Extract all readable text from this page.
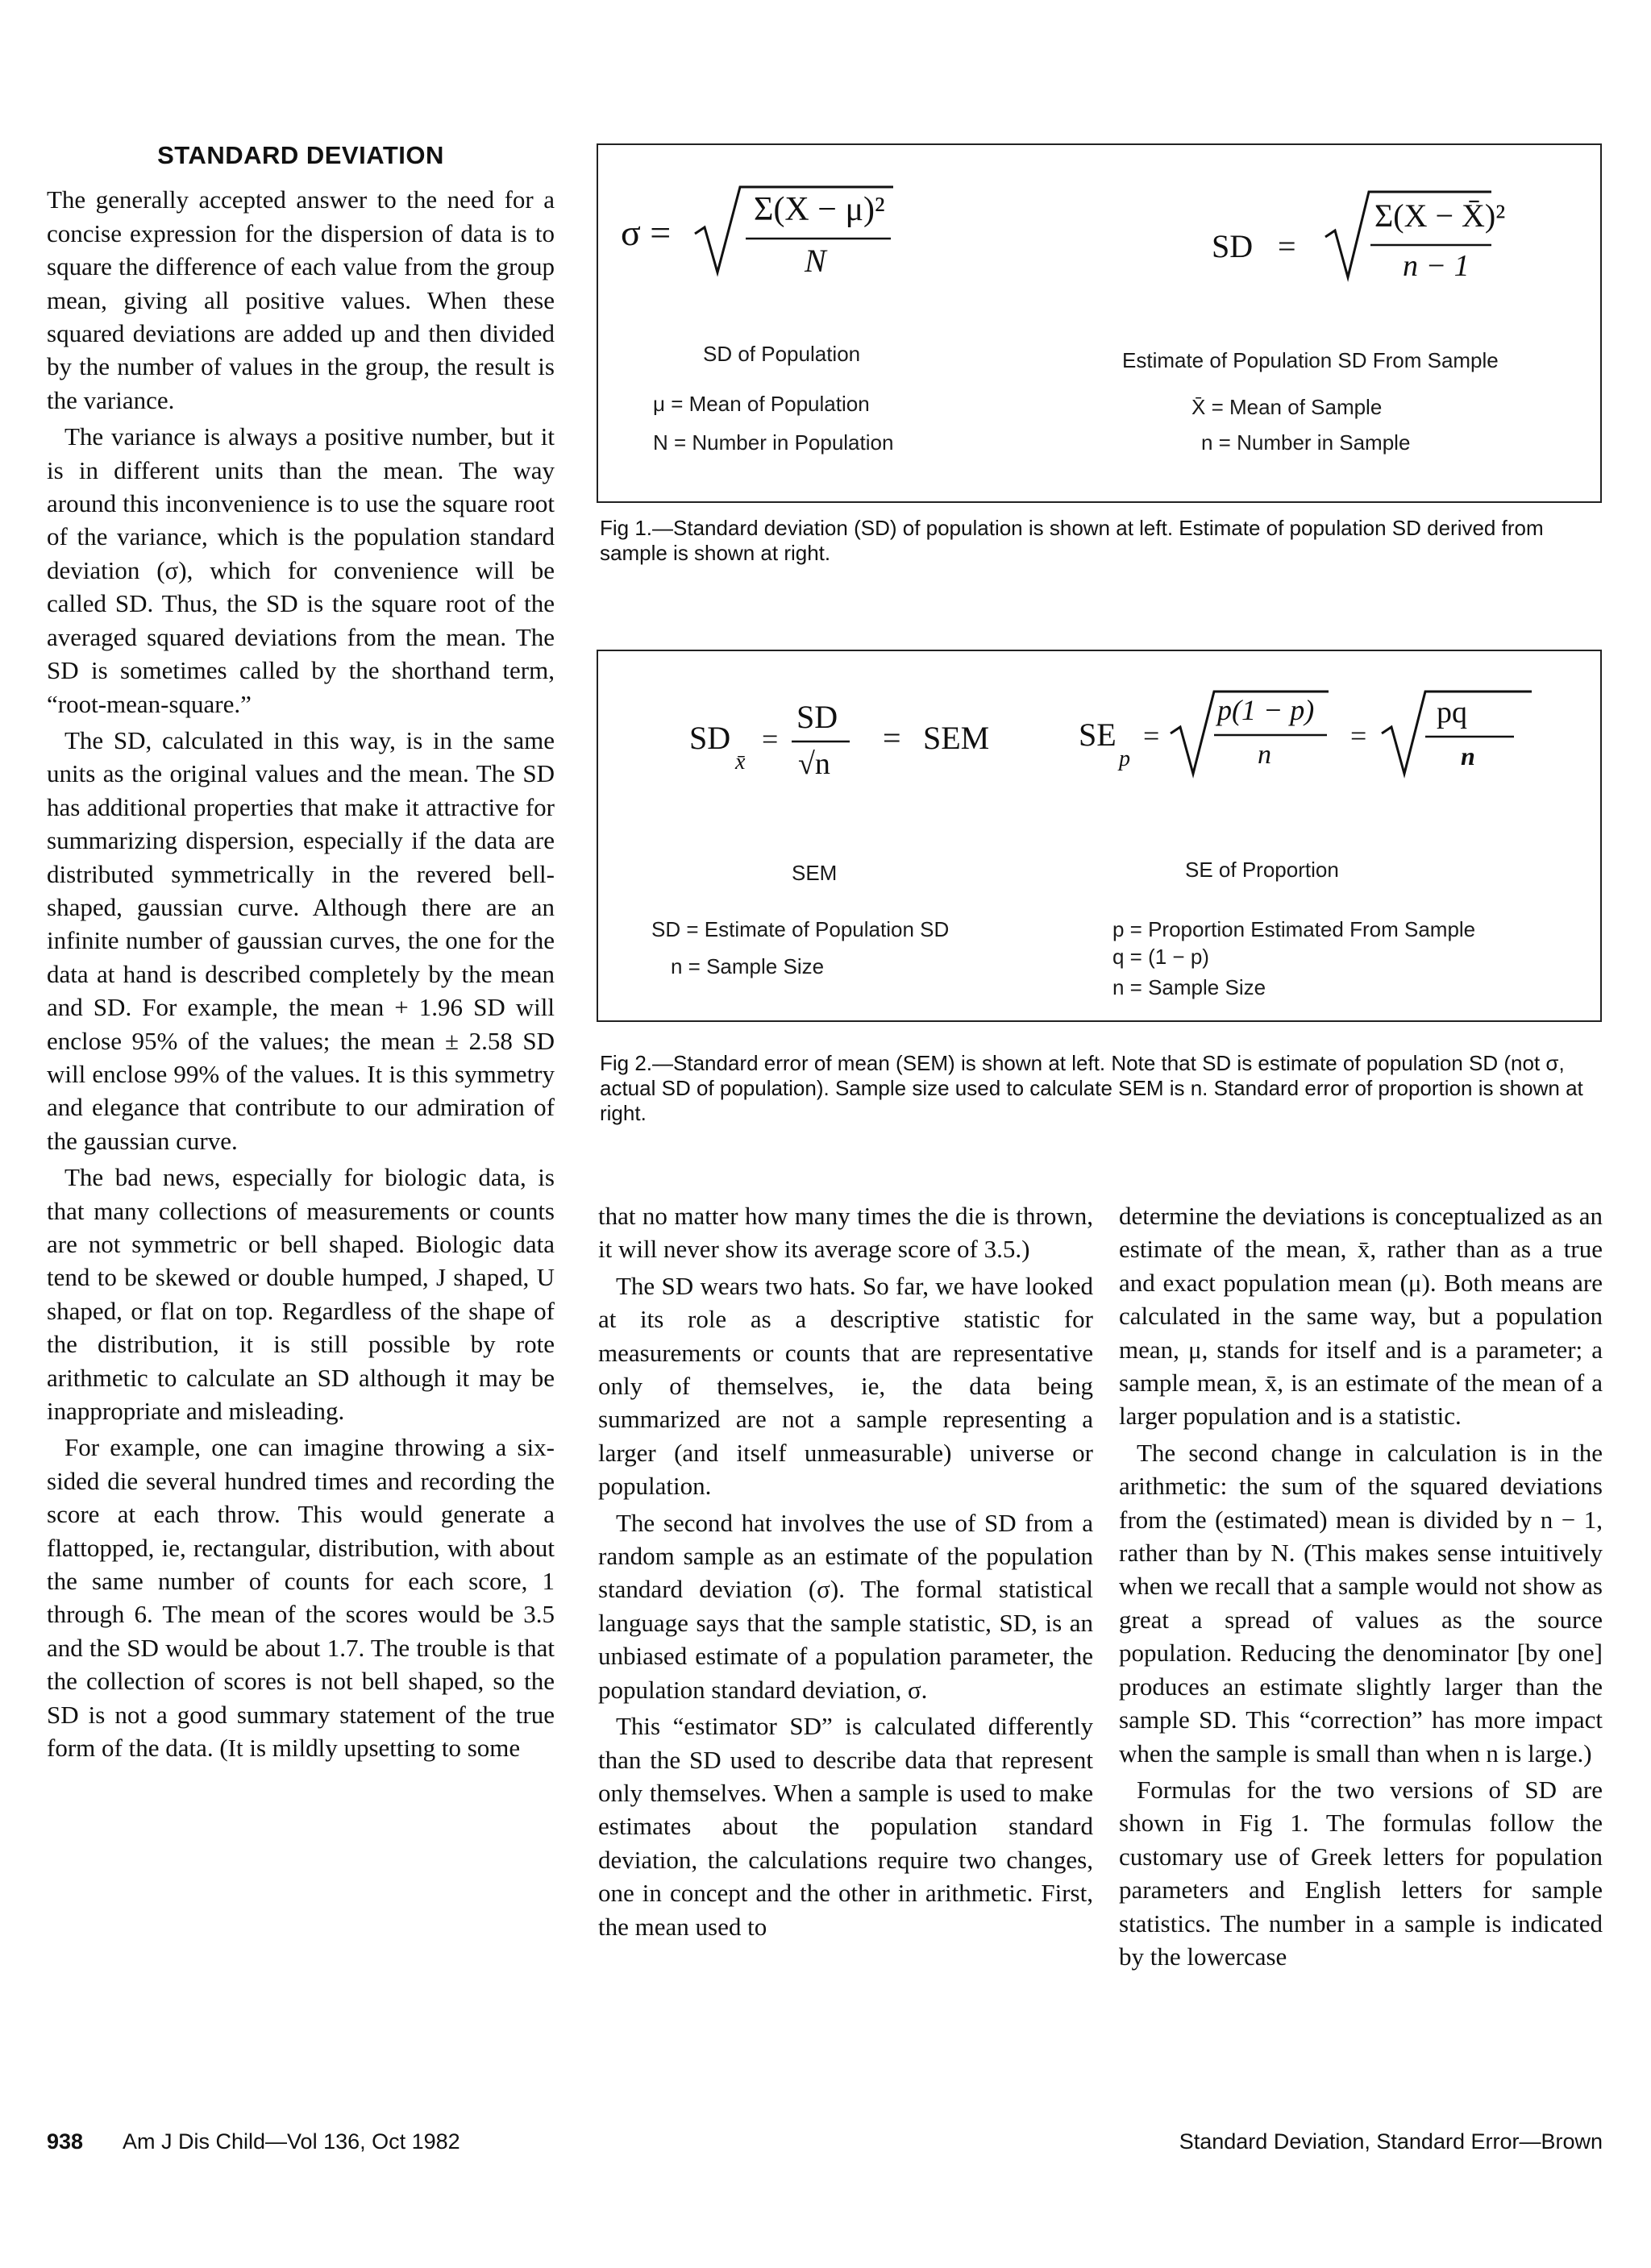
STANDARD DEVIATION

The generally accepted answer to the need for a concise expression for the dispersion of data is to square the difference of each value from the group mean, giving all positive values. When these squared deviations are added up and then divided by the number of values in the group, the result is the variance.

The variance is always a positive number, but it is in different units than the mean. The way around this inconvenience is to use the square root of the variance, which is the population standard deviation (σ), which for convenience will be called SD. Thus, the SD is the square root of the averaged squared deviations from the mean. The SD is sometimes called by the shorthand term, “root-mean-square.”

The SD, calculated in this way, is in the same units as the original values and the mean. The SD has additional properties that make it attractive for summarizing dispersion, especially if the data are distributed symmetrically in the revered bell-shaped, gaussian curve. Although there are an infinite number of gaussian curves, the one for the data at hand is described completely by the mean and SD. For example, the mean + 1.96 SD will enclose 95% of the values; the mean ± 2.58 SD will enclose 99% of the values. It is this symmetry and elegance that contribute to our admiration of the gaussian curve.

The bad news, especially for biologic data, is that many collections of measurements or counts are not symmetric or bell shaped. Biologic data tend to be skewed or double humped, J shaped, U shaped, or flat on top. Regardless of the shape of the distribution, it is still possible by rote arithmetic to calculate an SD although it may be inappropriate and misleading.

For example, one can imagine throwing a six-sided die several hundred times and recording the score at each throw. This would generate a flattopped, ie, rectangular, distribution, with about the same number of counts for each score, 1 through 6. The mean of the scores would be 3.5 and the SD would be about 1.7. The trouble is that the collection of scores is not bell shaped, so the SD is not a good summary statement of the true form of the data. (It is mildly upsetting to some

σ =
Σ(X − μ)²
N
SD of Population
μ = Mean of Population
N = Number in Population
SD =
Σ(X − X̄)²
n − 1
Estimate of Population SD From Sample
X̄ = Mean of Sample
n = Number in Sample
Fig 1.—Standard deviation (SD) of population is shown at left. Estimate of population SD derived from sample is shown at right.
SD
x̄
=
SD
√n
= SEM	SE
p
=
p(1 − p)
n
=
pq
n
SEM
SD = Estimate of Population SD
n = Sample Size
SE of Proportion
p = Proportion Estimated From Sample
q = (1 − p)
n = Sample Size
Fig 2.—Standard error of mean (SEM) is shown at left. Note that SD is estimate of population SD (not σ, actual SD of population). Sample size used to calculate SEM is n. Standard error of proportion is shown at right.

that no matter how many times the die is thrown, it will never show its average score of 3.5.)

The SD wears two hats. So far, we have looked at its role as a descriptive statistic for measurements or counts that are representative only of themselves, ie, the data being summarized are not a sample representing a larger (and itself unmeasurable) universe or population.

The second hat involves the use of SD from a random sample as an estimate of the population standard deviation (σ). The formal statistical language says that the sample statistic, SD, is an unbiased estimate of a population parameter, the population standard deviation, σ.

This “estimator SD” is calculated differently than the SD used to describe data that represent only themselves. When a sample is used to make estimates about the population standard deviation, the calculations require two changes, one in concept and the other in arithmetic. First, the mean used to

determine the deviations is conceptualized as an estimate of the mean, x̄, rather than as a true and exact population mean (μ). Both means are calculated in the same way, but a population mean, μ, stands for itself and is a parameter; a sample mean, x̄, is an estimate of the mean of a larger population and is a statistic.

The second change in calculation is in the arithmetic: the sum of the squared deviations from the (estimated) mean is divided by n − 1, rather than by N. (This makes sense intuitively when we recall that a sample would not show as great a spread of values as the source population. Reducing the denominator [by one] produces an estimate slightly larger than the sample SD. This “correction” has more impact when the sample is small than when n is large.)

Formulas for the two versions of SD are shown in Fig 1. The formulas follow the customary use of Greek letters for population parameters and English letters for sample statistics. The number in a sample is indicated by the lowercase

938 Am J Dis Child—Vol 136, Oct 1982	Standard Deviation, Standard Error—Brown
